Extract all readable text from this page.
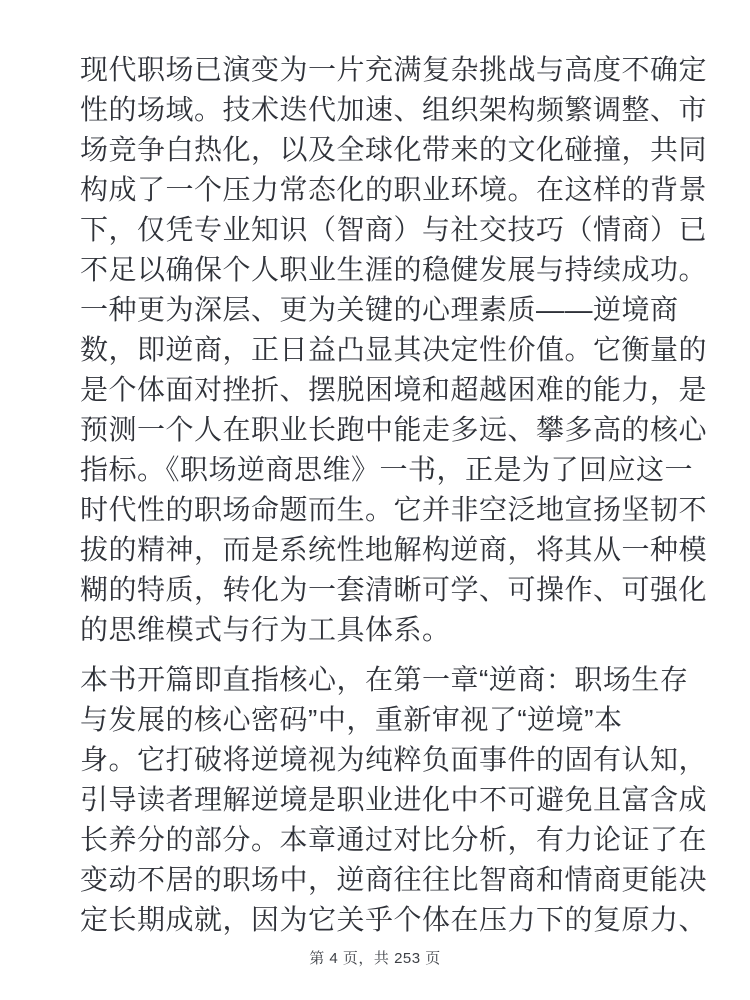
现代职场已演变为一片充满复杂挑战与高度不确定
性的场域。技术迭代加速、组织架构频繁调整、市
场竞争白热化，以及全球化带来的文化碰撞，共同
构成了一个压力常态化的职业环境。在这样的背景
下，仅凭专业知识（智商）与社交技巧（情商）已
不足以确保个人职业生涯的稳健发展与持续成功。
一种更为深层、更为关键的心理素质——逆境商
数，即逆商，正日益凸显其决定性价值。它衡量的
是个体面对挫折、摆脱困境和超越困难的能力，是
预测一个人在职业长跑中能走多远、攀多高的核心
指标。《职场逆商思维》一书，正是为了回应这一
时代性的职场命题而生。它并非空泛地宣扬坚韧不
拔的精神，而是系统性地解构逆商，将其从一种模
糊的特质，转化为一套清晰可学、可操作、可强化
的思维模式与行为工具体系。
本书开篇即直指核心，在第一章“逆商：职场生存
与发展的核心密码”中，重新审视了“逆境”本
身。它打破将逆境视为纯粹负面事件的固有认知，
引导读者理解逆境是职业进化中不可避免且富含成
长养分的部分。本章通过对比分析，有力论证了在
变动不居的职场中，逆商往往比智商和情商更能决
定长期成就，因为它关乎个体在压力下的复原力、
第 4 页，共 253 页
